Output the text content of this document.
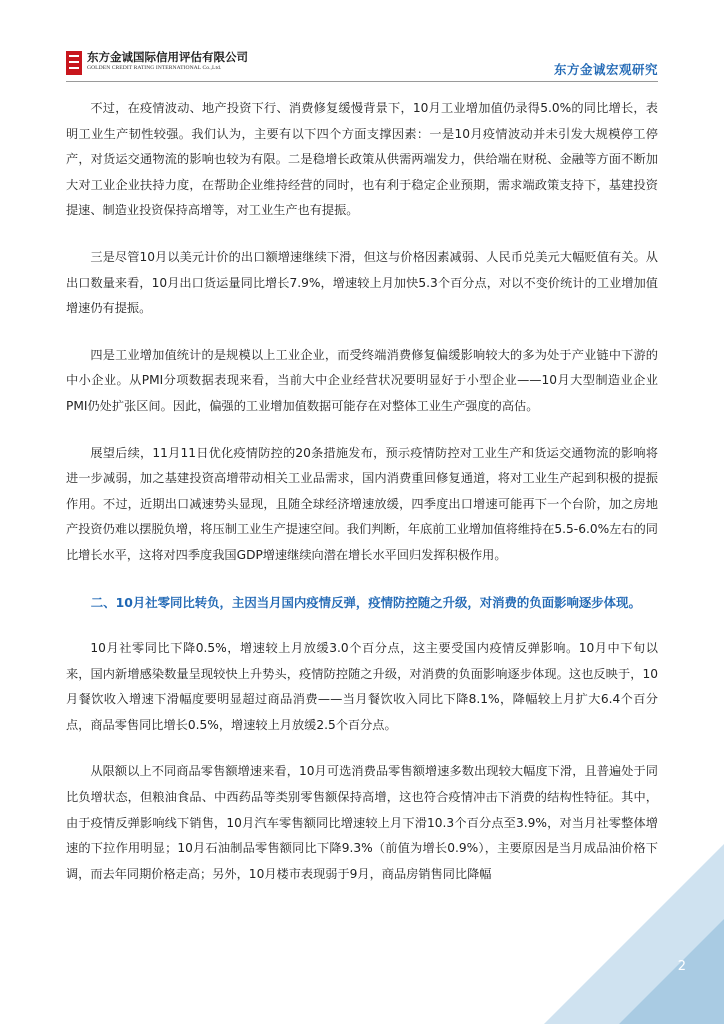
东方金诚国际信用评估有限公司
GOLDEN CREDIT RATING INTERNATIONAL Co.,Ltd.	东方金诚宏观研究

不过，在疫情波动、地产投资下行、消费修复缓慢背景下，10月工业增加值仍录得5.0%的同比增长，表明工业生产韧性较强。我们认为，主要有以下四个方面支撑因素：一是10月疫情波动并未引发大规模停工停产，对货运交通物流的影响也较为有限。二是稳增长政策从供需两端发力，供给端在财税、金融等方面不断加大对工业企业扶持力度，在帮助企业维持经营的同时，也有利于稳定企业预期，需求端政策支持下，基建投资提速、制造业投资保持高增等，对工业生产也有提振。

三是尽管10月以美元计价的出口额增速继续下滑，但这与价格因素减弱、人民币兑美元大幅贬值有关。从出口数量来看，10月出口货运量同比增长7.9%，增速较上月加快5.3个百分点，对以不变价统计的工业增加值增速仍有提振。

四是工业增加值统计的是规模以上工业企业，而受终端消费修复偏缓影响较大的多为处于产业链中下游的中小企业。从PMI分项数据表现来看，当前大中企业经营状况要明显好于小型企业——10月大型制造业企业PMI仍处扩张区间。因此，偏强的工业增加值数据可能存在对整体工业生产强度的高估。

展望后续，11月11日优化疫情防控的20条措施发布，预示疫情防控对工业生产和货运交通物流的影响将进一步减弱，加之基建投资高增带动相关工业品需求，国内消费重回修复通道，将对工业生产起到积极的提振作用。不过，近期出口减速势头显现，且随全球经济增速放缓，四季度出口增速可能再下一个台阶，加之房地产投资仍难以摆脱负增，将压制工业生产提速空间。我们判断，年底前工业增加值将维持在5.5-6.0%左右的同比增长水平，这将对四季度我国GDP增速继续向潜在增长水平回归发挥积极作用。

二、10月社零同比转负，主因当月国内疫情反弹，疫情防控随之升级，对消费的负面影响逐步体现。

10月社零同比下降0.5%，增速较上月放缓3.0个百分点，这主要受国内疫情反弹影响。10月中下旬以来，国内新增感染数量呈现较快上升势头，疫情防控随之升级，对消费的负面影响逐步体现。这也反映于，10月餐饮收入增速下滑幅度要明显超过商品消费——当月餐饮收入同比下降8.1%，降幅较上月扩大6.4个百分点，商品零售同比增长0.5%，增速较上月放缓2.5个百分点。

从限额以上不同商品零售额增速来看，10月可选消费品零售额增速多数出现较大幅度下滑，且普遍处于同比负增状态，但粮油食品、中西药品等类别零售额保持高增，这也符合疫情冲击下消费的结构性特征。其中，由于疫情反弹影响线下销售，10月汽车零售额同比增速较上月下滑10.3个百分点至3.9%，对当月社零整体增速的下拉作用明显；10月石油制品零售额同比下降9.3%（前值为增长0.9%），主要原因是当月成品油价格下调，而去年同期价格走高；另外，10月楼市表现弱于9月，商品房销售同比降幅

2
